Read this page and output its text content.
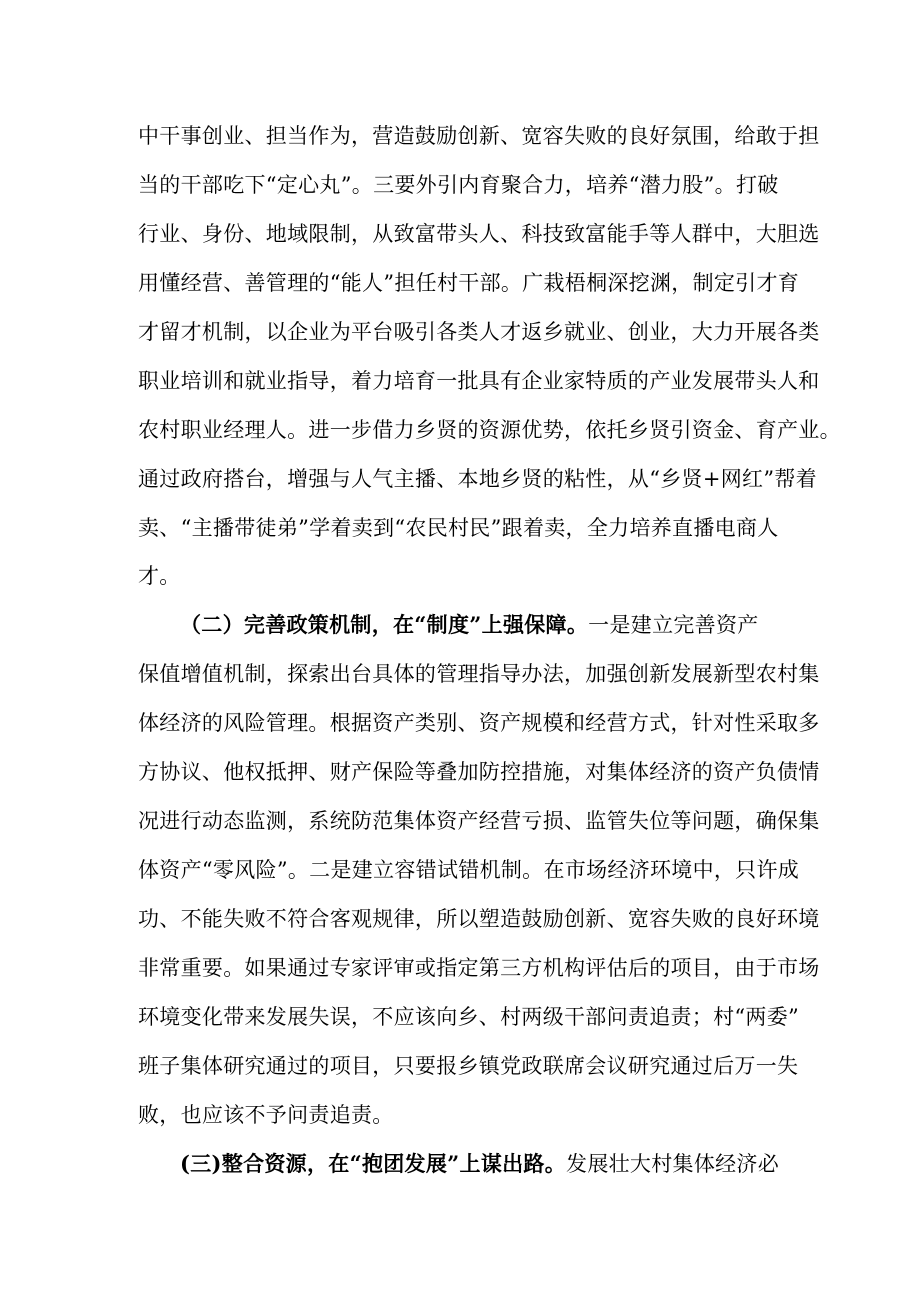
中干事创业、担当作为，营造鼓励创新、宽容失败的良好氛围，给敢于担
当的干部吃下“定心丸”。三要外引内育聚合力，培养“潜力股”。打破
行业、身份、地域限制，从致富带头人、科技致富能手等人群中，大胆选
用懂经营、善管理的“能人”担任村干部。广栽梧桐深挖渊，制定引才育
才留才机制，以企业为平台吸引各类人才返乡就业、创业，大力开展各类
职业培训和就业指导，着力培育一批具有企业家特质的产业发展带头人和
农村职业经理人。进一步借力乡贤的资源优势，依托乡贤引资金、育产业。
通过政府搭台，增强与人气主播、本地乡贤的粘性，从“乡贤+网红”帮着
卖、“主播带徒弟”学着卖到“农民村民”跟着卖，全力培养直播电商人
才。
（二）完善政策机制，在“制度”上强保障。一是建立完善资产
保值增值机制，探索出台具体的管理指导办法，加强创新发展新型农村集
体经济的风险管理。根据资产类别、资产规模和经营方式，针对性采取多
方协议、他权抵押、财产保险等叠加防控措施，对集体经济的资产负债情
况进行动态监测，系统防范集体资产经营亏损、监管失位等问题，确保集
体资产“零风险”。二是建立容错试错机制。在市场经济环境中，只许成
功、不能失败不符合客观规律，所以塑造鼓励创新、宽容失败的良好环境
非常重要。如果通过专家评审或指定第三方机构评估后的项目，由于市场
环境变化带来发展失误，不应该向乡、村两级干部问责追责；村“两委”
班子集体研究通过的项目，只要报乡镇党政联席会议研究通过后万一失
败，也应该不予问责追责。
(三)整合资源，在“抱团发展”上谋出路。发展壮大村集体经济必
